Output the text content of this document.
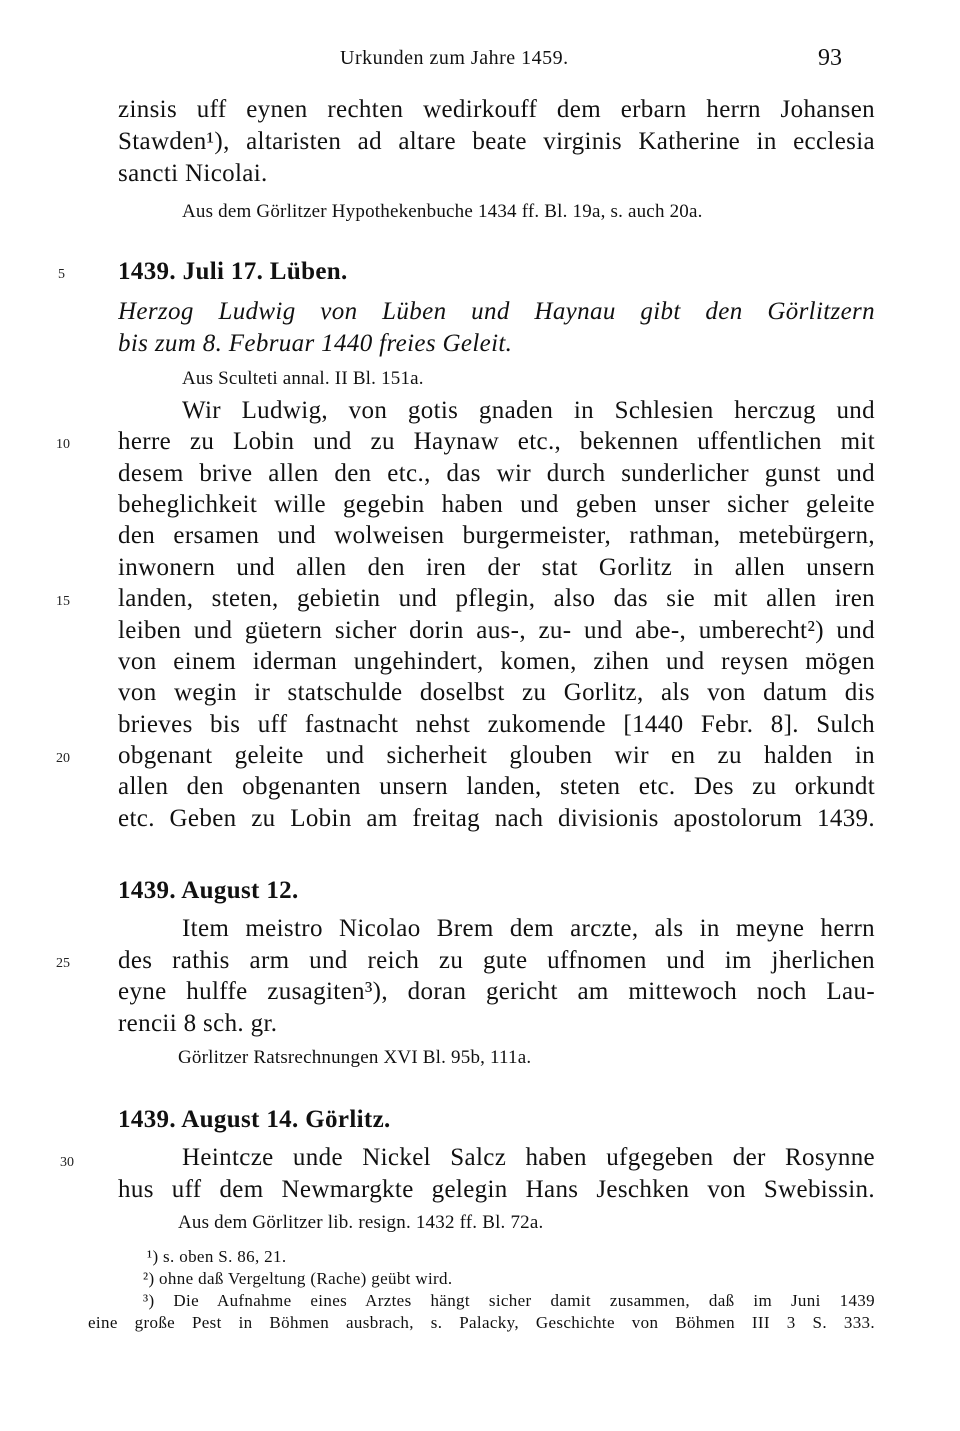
Urkunden zum Jahre 1459.	93
zinsis uff eynen rechten wedirkouff dem erbarn herrn Johansen
Stawden¹), altaristen ad altare beate virginis Katherine in ecclesia
sancti Nicolai.
Aus dem Görlitzer Hypothekenbuche 1434 ff. Bl. 19a, s. auch 20a.
5 1439. Juli 17. Lüben.
Herzog Ludwig von Lüben und Haynau gibt den Görlitzern
bis zum 8. Februar 1440 freies Geleit.
Aus Sculteti annal. II Bl. 151a.
Wir Ludwig, von gotis gnaden in Schlesien herczug und
10 herre zu Lobin und zu Haynaw etc., bekennen uffentlichen mit
desem brive allen den etc., das wir durch sunderlicher gunst und
beheglichkeit wille gegebin haben und geben unser sicher geleite
den ersamen und wolweisen burgermeister, rathman, metebürgern,
inwonern und allen den iren der stat Gorlitz in allen unsern
15 landen, steten, gebietin und pflegin, also das sie mit allen iren
leiben und güetern sicher dorin aus-, zu- und abe-, umberecht²) und
von einem iderman ungehindert, komen, zihen und reysen mögen
von wegin ir statschulde doselbst zu Gorlitz, als von datum dis
brieves bis uff fastnacht nehst zukomende [1440 Febr. 8]. Sulch
20 obgenant geleite und sicherheit glouben wir en zu halden in
allen den obgenanten unsern landen, steten etc. Des zu orkundt
etc. Geben zu Lobin am freitag nach divisionis apostolorum 1439.
1439. August 12.
Item meistro Nicolao Brem dem arczte, als in meyne herrn
25 des rathis arm und reich zu gute uffnomen und im jherlichen
eyne hulffe zusagiten³), doran gericht am mittewoch noch Lau-
rencii 8 sch. gr.
Görlitzer Ratsrechnungen XVI Bl. 95b, 111a.
1439. August 14. Görlitz.
30	Heintcze unde Nickel Salcz haben ufgegeben der Rosynne
hus uff dem Newmargkte gelegin Hans Jeschken von Swebissin.
Aus dem Görlitzer lib. resign. 1432 ff. Bl. 72a.
¹) s. oben S. 86, 21.
²) ohne daß Vergeltung (Rache) geübt wird.
³) Die Aufnahme eines Arztes hängt sicher damit zusammen, daß im Juni 1439
eine große Pest in Böhmen ausbrach, s. Palacky, Geschichte von Böhmen III 3 S. 333.
